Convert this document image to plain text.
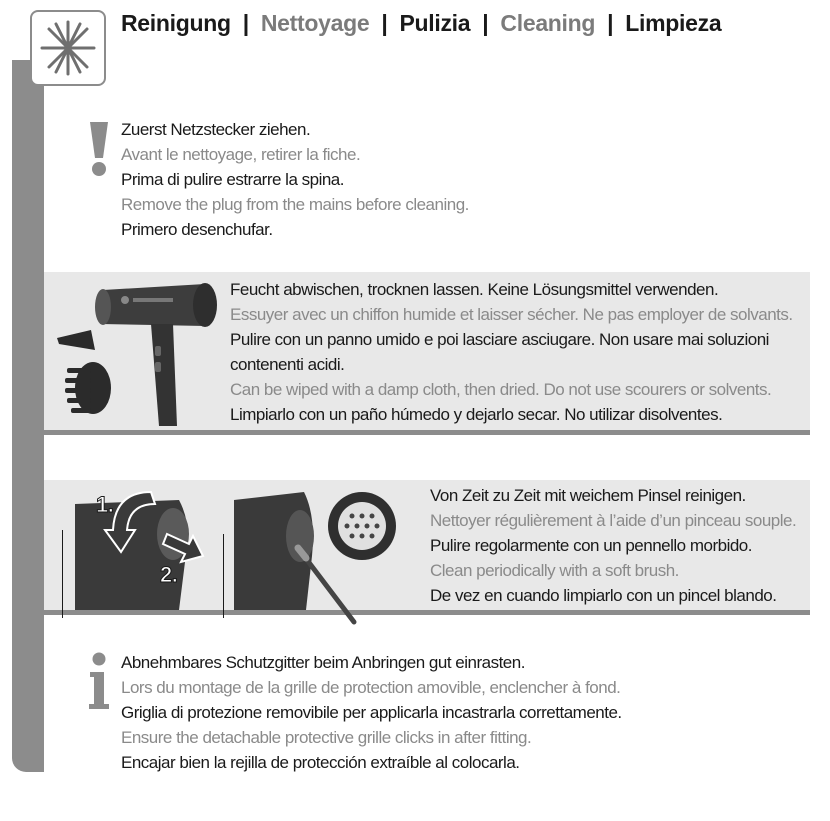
Reinigung | Nettoyage | Pulizia | Cleaning | Limpieza
Zuerst Netzstecker ziehen.
Avant le nettoyage, retirer la fiche.
Prima di pulire estrarre la spina.
Remove the plug from the mains before cleaning.
Primero desenchufar.
Feucht abwischen, trocknen lassen. Keine Lösungsmittel verwenden.
Essuyer avec un chiffon humide et laisser sécher. Ne pas employer de solvants.
Pulire con un panno umido e poi lasciare asciugare. Non usare mai soluzioni
contenenti acidi.
Can be wiped with a damp cloth, then dried. Do not use scourers or solvents.
Limpiarlo con un paño húmedo y dejarlo secar. No utilizar disolventes.
1.
2.
Von Zeit zu Zeit mit weichem Pinsel reinigen.
Nettoyer régulièrement à l’aide d’un pinceau souple.
Pulire regolarmente con un pennello morbido.
Clean periodically with a soft brush.
De vez en cuando limpiarlo con un pincel blando.
Abnehmbares Schutzgitter beim Anbringen gut einrasten.
Lors du montage de la grille de protection amovible, enclencher à fond.
Griglia di protezione removibile per applicarla incastrarla correttamente.
Ensure the detachable protective grille clicks in after fitting.
Encajar bien la rejilla de protección extraíble al colocarla.
